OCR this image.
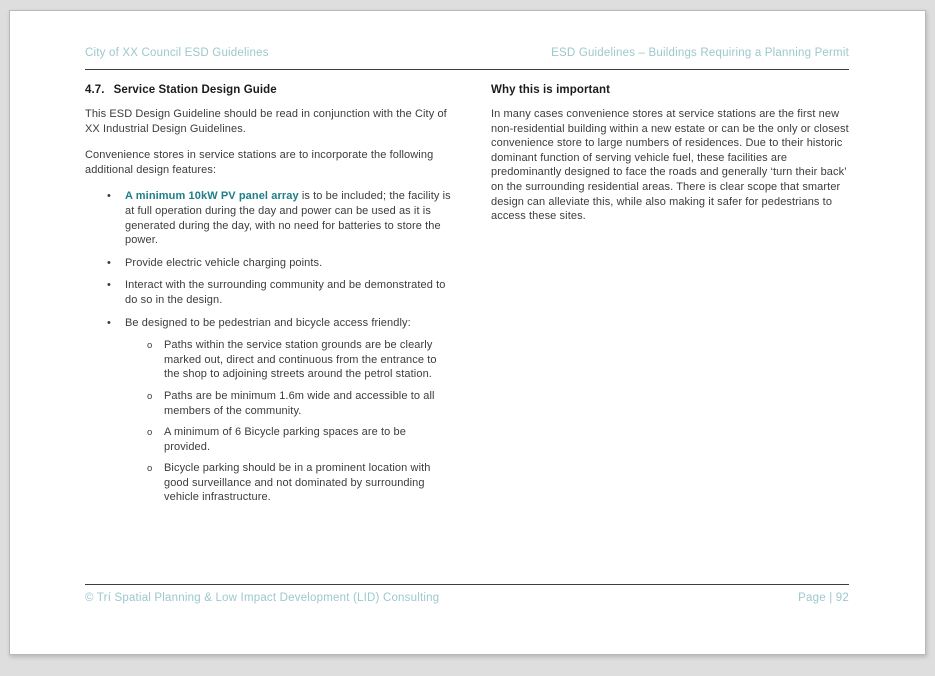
City of XX Council ESD Guidelines	ESD Guidelines – Buildings Requiring a Planning Permit
4.7. Service Station Design Guide

This ESD Design Guideline should be read in conjunction with the City of XX Industrial Design Guidelines.

Convenience stores in service stations are to incorporate the following additional design features:

•	A minimum 10kW PV panel array is to be included; the facility is at full operation during the day and power can be used as it is generated during the day, with no need for batteries to store the power.
•	Provide electric vehicle charging points.
•	Interact with the surrounding community and be demonstrated to do so in the design.
•	Be designed to be pedestrian and bicycle access friendly:
o	Paths within the service station grounds are be clearly marked out, direct and continuous from the entrance to the shop to adjoining streets around the petrol station.
o	Paths are be minimum 1.6m wide and accessible to all members of the community.
o	A minimum of 6 Bicycle parking spaces are to be provided.
o	Bicycle parking should be in a prominent location with good surveillance and not dominated by surrounding vehicle infrastructure.
Why this is important

In many cases convenience stores at service stations are the first new non-residential building within a new estate or can be the only or closest convenience store to large numbers of residences. Due to their historic dominant function of serving vehicle fuel, these facilities are predominantly designed to face the roads and generally ‘turn their back’ on the surrounding residential areas. There is clear scope that smarter design can alleviate this, while also making it safer for pedestrians to access these sites.

© Trí Spatial Planning & Low Impact Development (LID) Consulting	Page | 92
